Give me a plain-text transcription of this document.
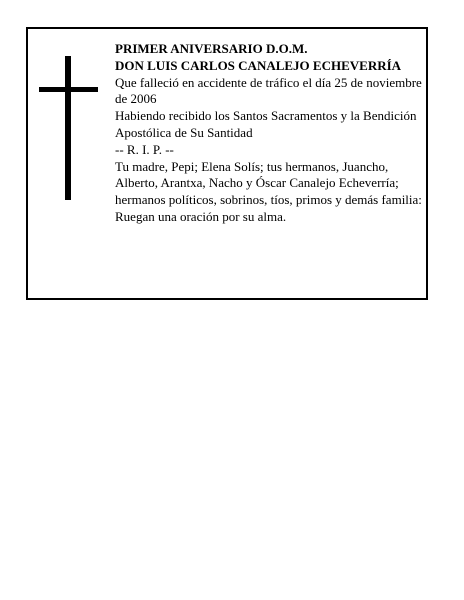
PRIMER ANIVERSARIO D.O.M.

DON LUIS CARLOS CANALEJO ECHEVERRÍA

Que falleció en accidente de tráfico el día 25 de noviembre de 2006

Habiendo recibido los Santos Sacramentos y la Bendición Apostólica de Su Santidad

-- R. I. P. --

Tu madre, Pepi; Elena Solís; tus hermanos, Juancho, Alberto, Arantxa, Nacho y Óscar Canalejo Echeverría; hermanos políticos, sobrinos, tíos, primos y demás familia:

Ruegan una oración por su alma.
